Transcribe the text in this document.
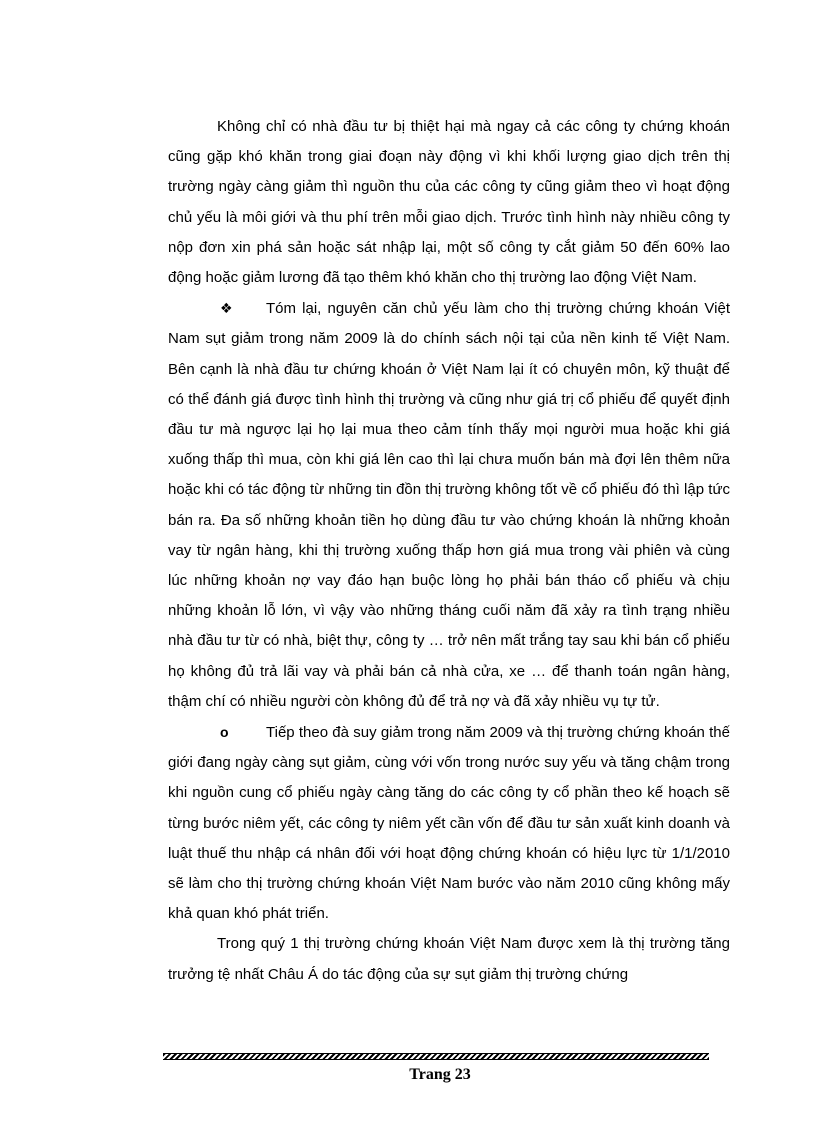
Không chỉ có nhà đầu tư bị thiệt hại mà ngay cả các công ty chứng khoán cũng gặp khó khăn trong giai đoạn này động vì khi khối lượng giao dịch trên thị trường ngày càng giảm thì nguồn thu của các công ty cũng giảm theo vì hoạt động chủ yếu là môi giới và thu phí trên mỗi giao dịch. Trước tình hình này nhiều công ty nộp đơn xin phá sản hoặc sát nhập lại, một số công ty cắt giảm 50 đến 60% lao động hoặc giảm lương đã tạo thêm khó khăn cho thị trường lao động Việt Nam.

❖ Tóm lại, nguyên căn chủ yếu làm cho thị trường chứng khoán Việt Nam sụt giảm trong năm 2009 là do chính sách nội tại của nền kinh tế Việt Nam. Bên cạnh là nhà đầu tư chứng khoán ở Việt Nam lại ít có chuyên môn, kỹ thuật để có thể đánh giá được tình hình thị trường và cũng như giá trị cổ phiếu để quyết định đầu tư mà ngược lại họ lại mua theo cảm tính thấy mọi người mua hoặc khi giá xuống thấp thì mua, còn khi giá lên cao thì lại chưa muốn bán mà đợi lên thêm nữa hoặc khi có tác động từ những tin đồn thị trường không tốt về cổ phiếu đó thì lập tức bán ra. Đa số những khoản tiền họ dùng đầu tư vào chứng khoán là những khoản vay từ ngân hàng, khi thị trường xuống thấp hơn giá mua trong vài phiên và cùng lúc những khoản nợ vay đáo hạn buộc lòng họ phải bán tháo cổ phiếu và chịu những khoản lỗ lớn, vì vậy vào những tháng cuối năm đã xảy ra tình trạng nhiều nhà đầu tư từ có nhà, biệt thự, công ty … trở nên mất trắng tay sau khi bán cổ phiếu họ không đủ trả lãi vay và phải bán cả nhà cửa, xe … để thanh toán ngân hàng, thậm chí có nhiều người còn không đủ để trả nợ và đã xảy nhiều vụ tự tử.

o Tiếp theo đà suy giảm trong năm 2009 và thị trường chứng khoán thế giới đang ngày càng sụt giảm, cùng với vốn trong nước suy yếu và tăng chậm trong khi nguồn cung cổ phiếu ngày càng tăng do các công ty cổ phần theo kế hoạch sẽ từng bước niêm yết, các công ty niêm yết cần vốn để đầu tư sản xuất kinh doanh và luật thuế thu nhập cá nhân đối với hoạt động chứng khoán có hiệu lực từ 1/1/2010 sẽ làm cho thị trường chứng khoán Việt Nam bước vào năm 2010 cũng không mấy khả quan khó phát triển.

Trong quý 1 thị trường chứng khoán Việt Nam được xem là thị trường tăng trưởng tệ nhất Châu Á do tác động của sự sụt giảm thị trường chứng

Trang 23
